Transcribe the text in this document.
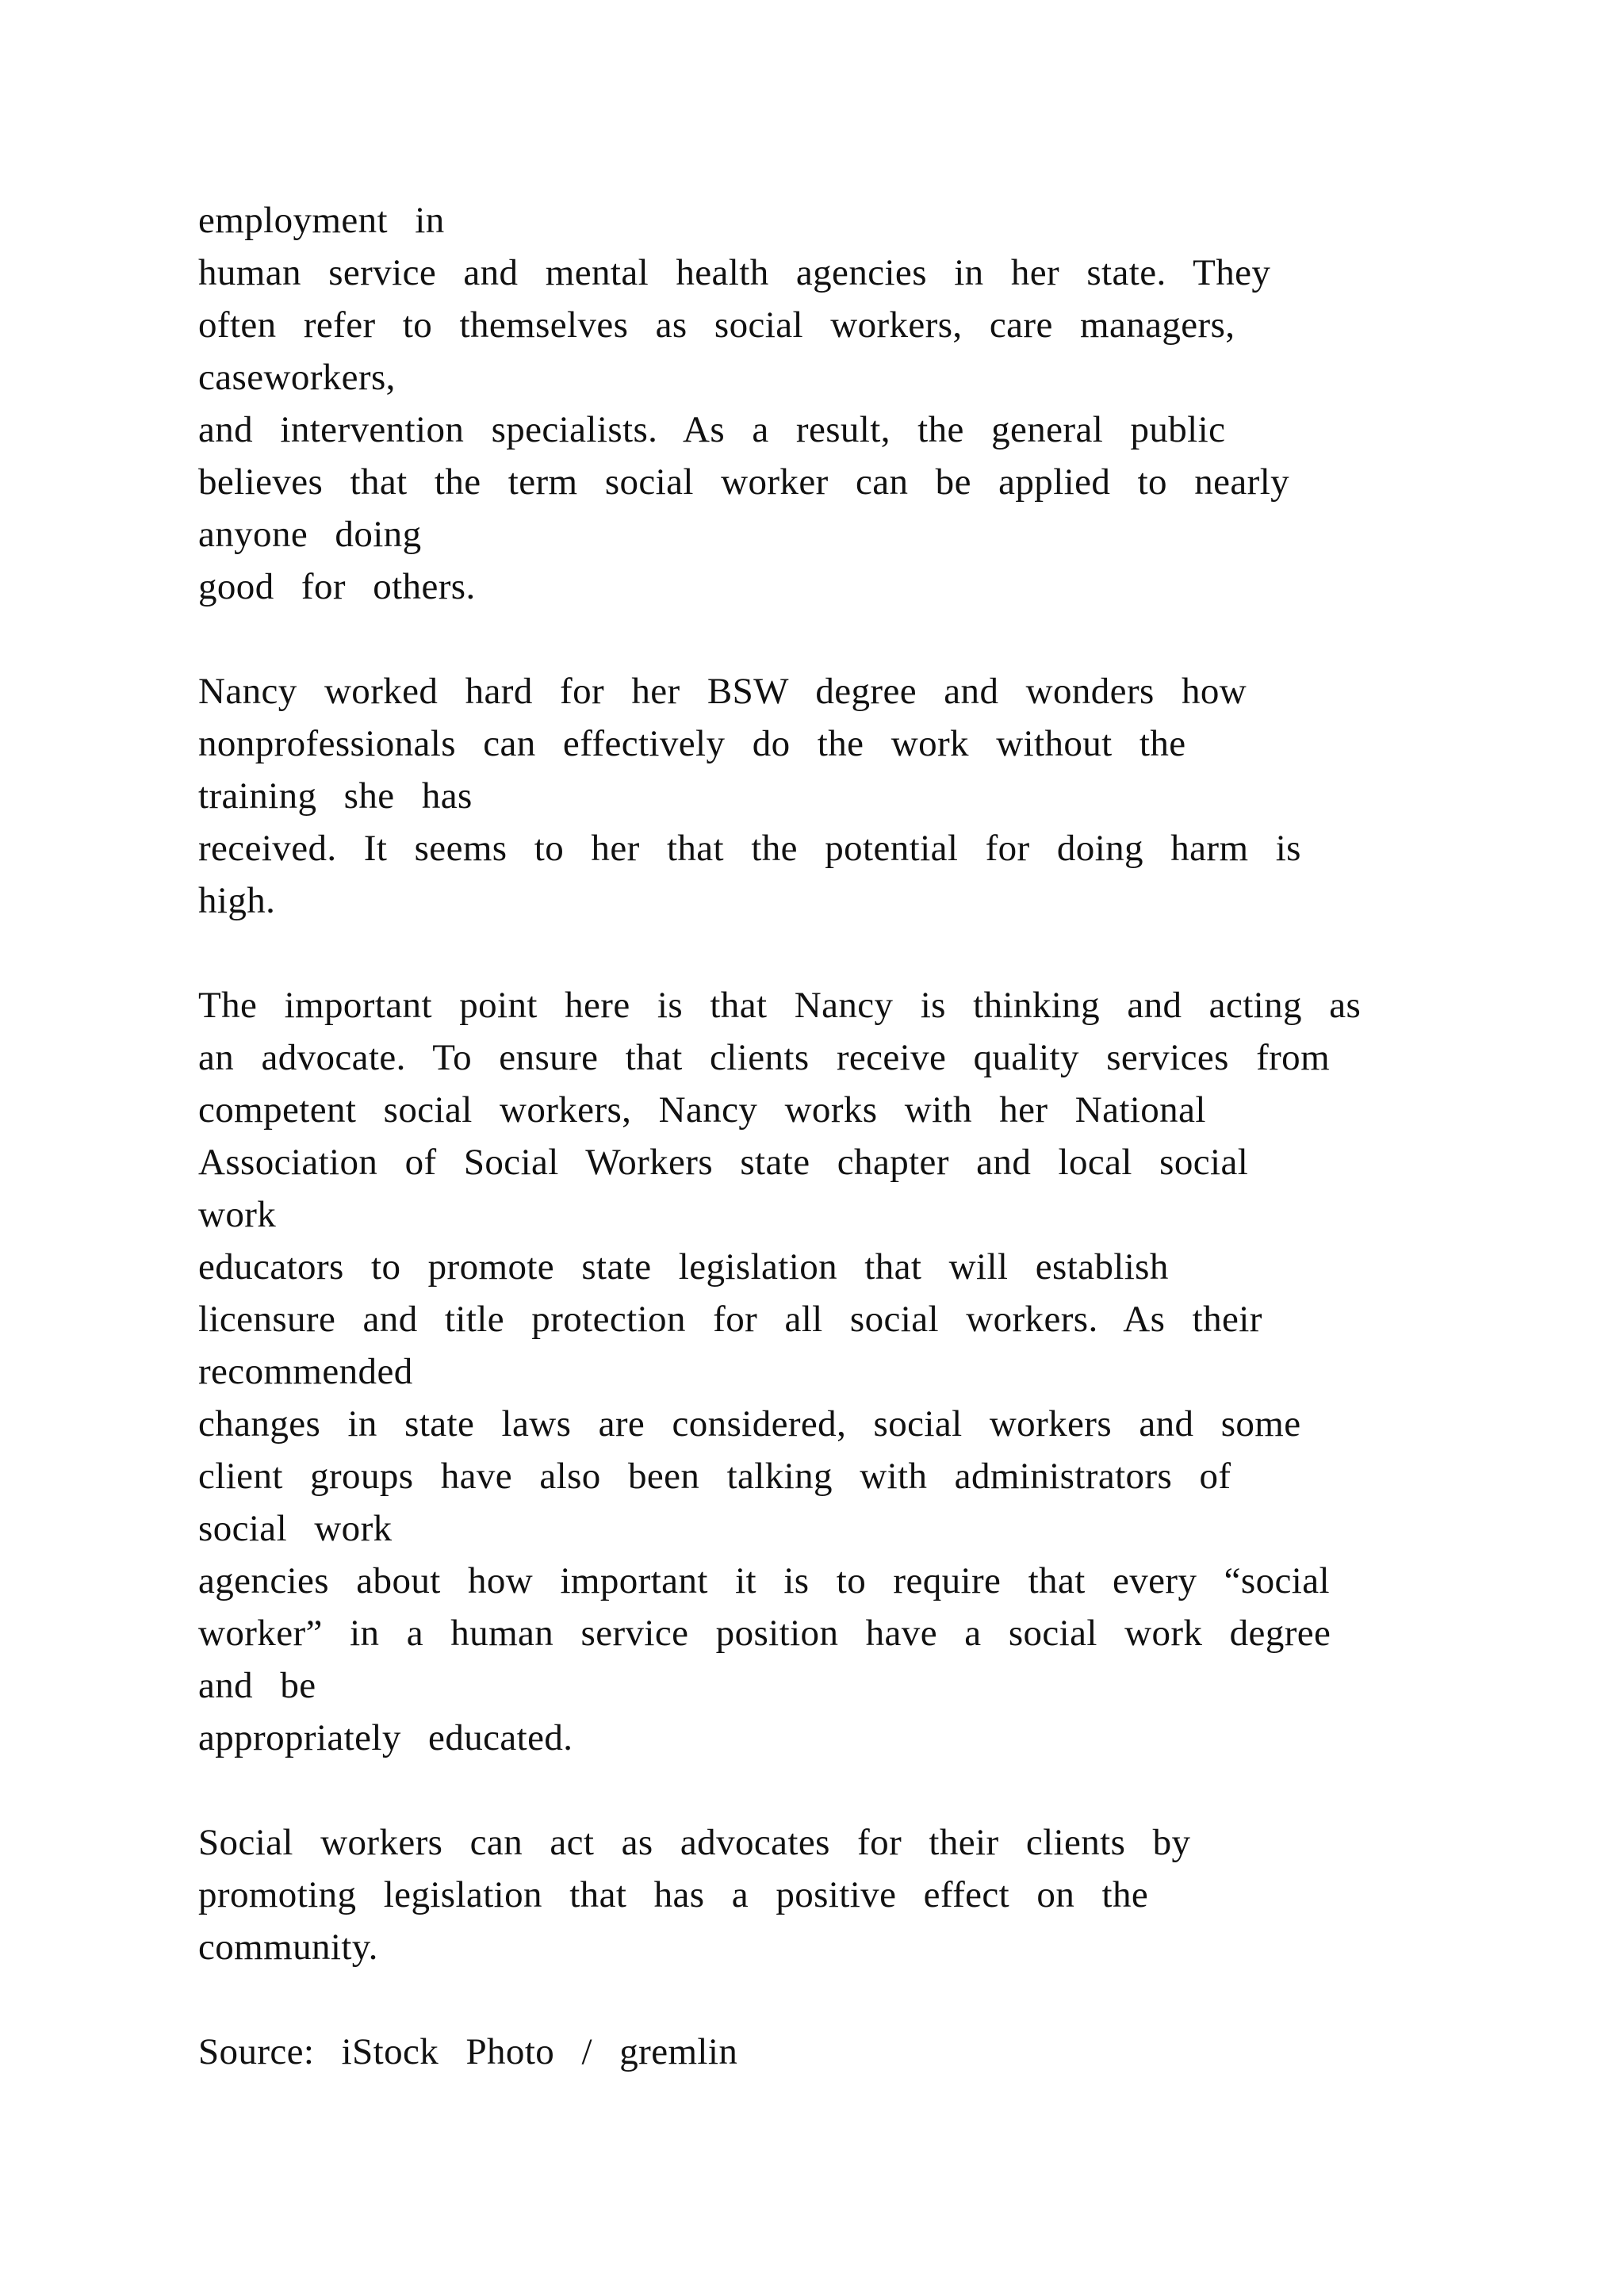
employment  in
human  service  and  mental  health  agencies  in  her  state.  They
often  refer  to  themselves  as  social  workers,  care  managers,
caseworkers,
and  intervention  specialists.  As  a  result,  the  general  public
believes  that  the  term  social  worker  can  be  applied  to  nearly
anyone  doing
good  for  others.

Nancy  worked  hard  for  her  BSW  degree  and  wonders  how
nonprofessionals  can  effectively  do  the  work  without  the
training  she  has
received.  It  seems  to  her  that  the  potential  for  doing  harm  is
high.

The  important  point  here  is  that  Nancy  is  thinking  and  acting  as
an  advocate.  To  ensure  that  clients  receive  quality  services  from
competent  social  workers,  Nancy  works  with  her  National
Association  of  Social  Workers  state  chapter  and  local  social
work
educators  to  promote  state  legislation  that  will  establish
licensure  and  title  protection  for  all  social  workers.  As  their
recommended
changes  in  state  laws  are  considered,  social  workers  and  some
client  groups  have  also  been  talking  with  administrators  of
social  work
agencies  about  how  important  it  is  to  require  that  every  “social
worker”  in  a  human  service  position  have  a  social  work  degree
and  be
appropriately  educated.

Social  workers  can  act  as  advocates  for  their  clients  by
promoting  legislation  that  has  a  positive  effect  on  the
community.

Source:  iStock  Photo  /  gremlin
